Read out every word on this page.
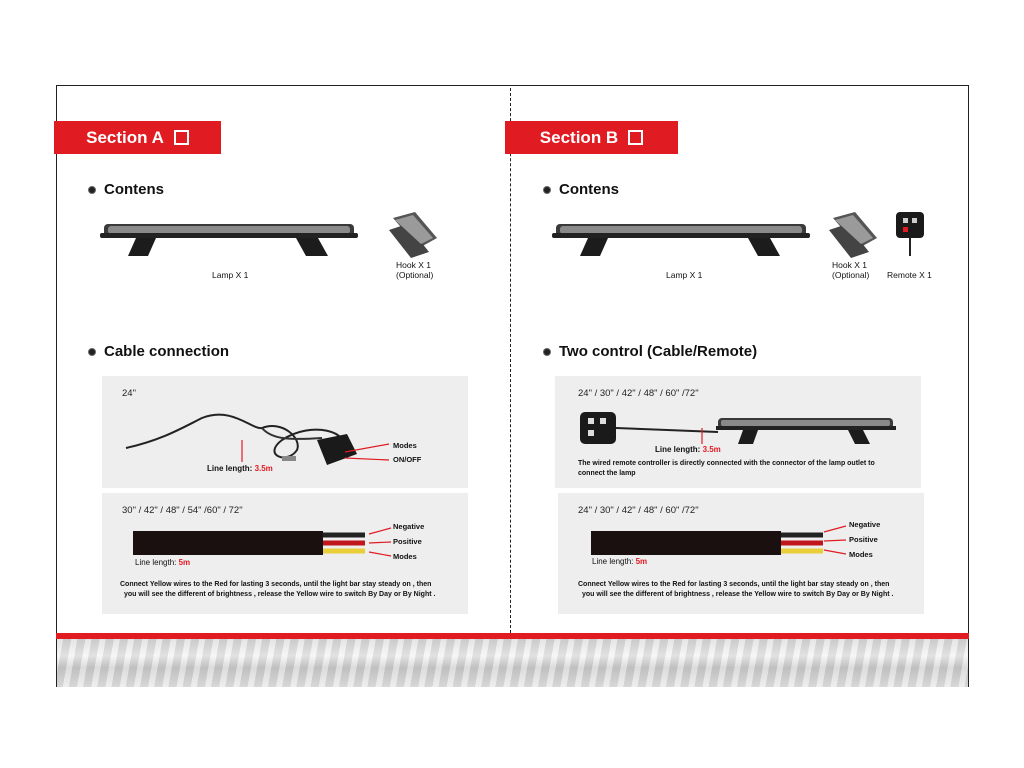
Section A
Contens
Lamp X 1
Hook X 1
(Optional)
Cable connection
24"
Modes
ON/OFF
Line length: 3.5m
30" / 42" / 48" / 54" /60" / 72"
Negative
Positive
Modes
Line length: 5m
Connect Yellow wires to the Red for lasting 3 seconds, until the light bar stay steady on , then
you will see the different of brightness , release the Yellow wire to switch By Day or By Night .
Section B
Contens
Lamp X 1
Hook X 1
(Optional) Remote X 1
Two control (Cable/Remote)
24" / 30" / 42" / 48" / 60" /72"
Line length: 3.5m
The wired remote controller is directly connected with the connector of the lamp outlet to
connect the lamp
24" / 30" / 42" / 48" / 60" /72"
Negative
Positive
Modes
Line length: 5m
Connect Yellow wires to the Red for lasting 3 seconds, until the light bar stay steady on , then
you will see the different of brightness , release the Yellow wire to switch By Day or By Night .
